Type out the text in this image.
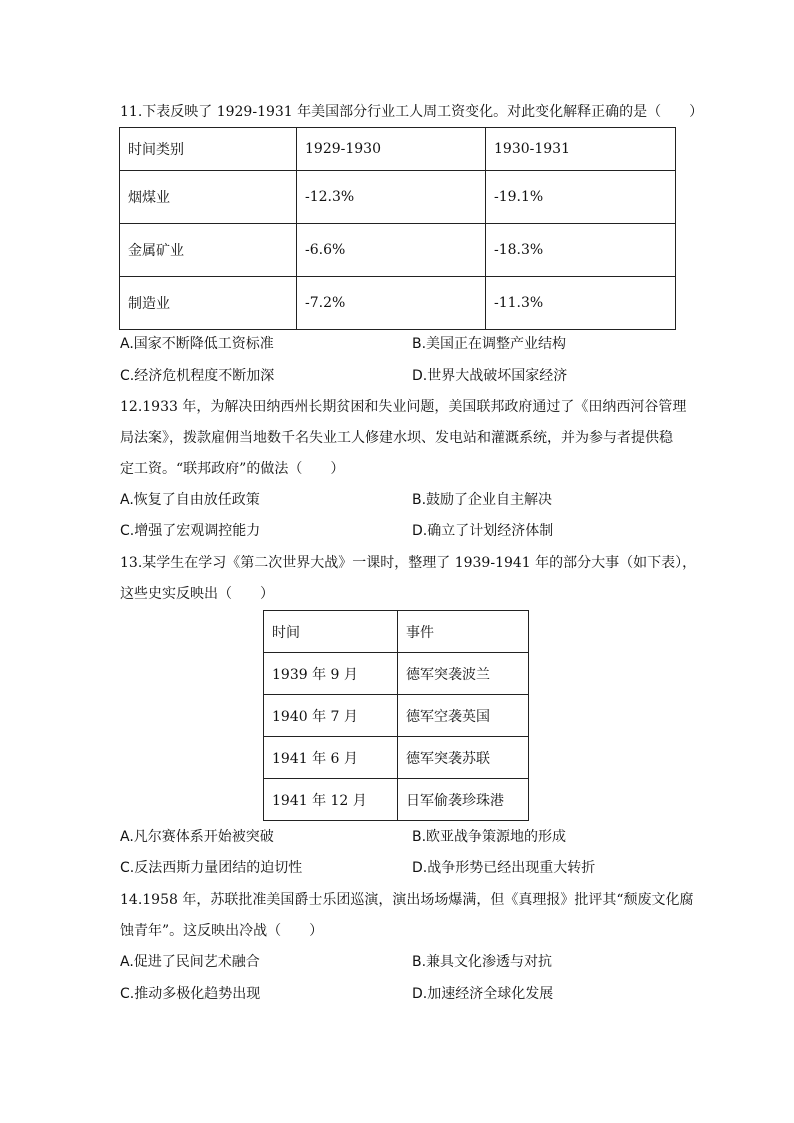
11.下表反映了 1929-1931 年美国部分行业工人周工资变化。对此变化解释正确的是（　　）
时间类别	1929-1930	1930-1931
烟煤业	-12.3%	-19.1%
金属矿业	-6.6%	-18.3%
制造业	-7.2%	-11.3%
A.国家不断降低工资标准	B.美国正在调整产业结构
C.经济危机程度不断加深	D.世界大战破坏国家经济
12.1933 年，为解决田纳西州长期贫困和失业问题，美国联邦政府通过了《田纳西河谷管理
局法案》，拨款雇佣当地数千名失业工人修建水坝、发电站和灌溉系统，并为参与者提供稳
定工资。“联邦政府”的做法（　　）
A.恢复了自由放任政策	B.鼓励了企业自主解决
C.增强了宏观调控能力	D.确立了计划经济体制
13.某学生在学习《第二次世界大战》一课时，整理了 1939-1941 年的部分大事（如下表），
这些史实反映出（　　）
时间	事件
1939 年 9 月	德军突袭波兰
1940 年 7 月	德军空袭英国
1941 年 6 月	德军突袭苏联
1941 年 12 月	日军偷袭珍珠港
A.凡尔赛体系开始被突破	B.欧亚战争策源地的形成
C.反法西斯力量团结的迫切性	D.战争形势已经出现重大转折
14.1958 年，苏联批准美国爵士乐团巡演，演出场场爆满，但《真理报》批评其“颓废文化腐
蚀青年”。这反映出冷战（　　）
A.促进了民间艺术融合	B.兼具文化渗透与对抗
C.推动多极化趋势出现	D.加速经济全球化发展
